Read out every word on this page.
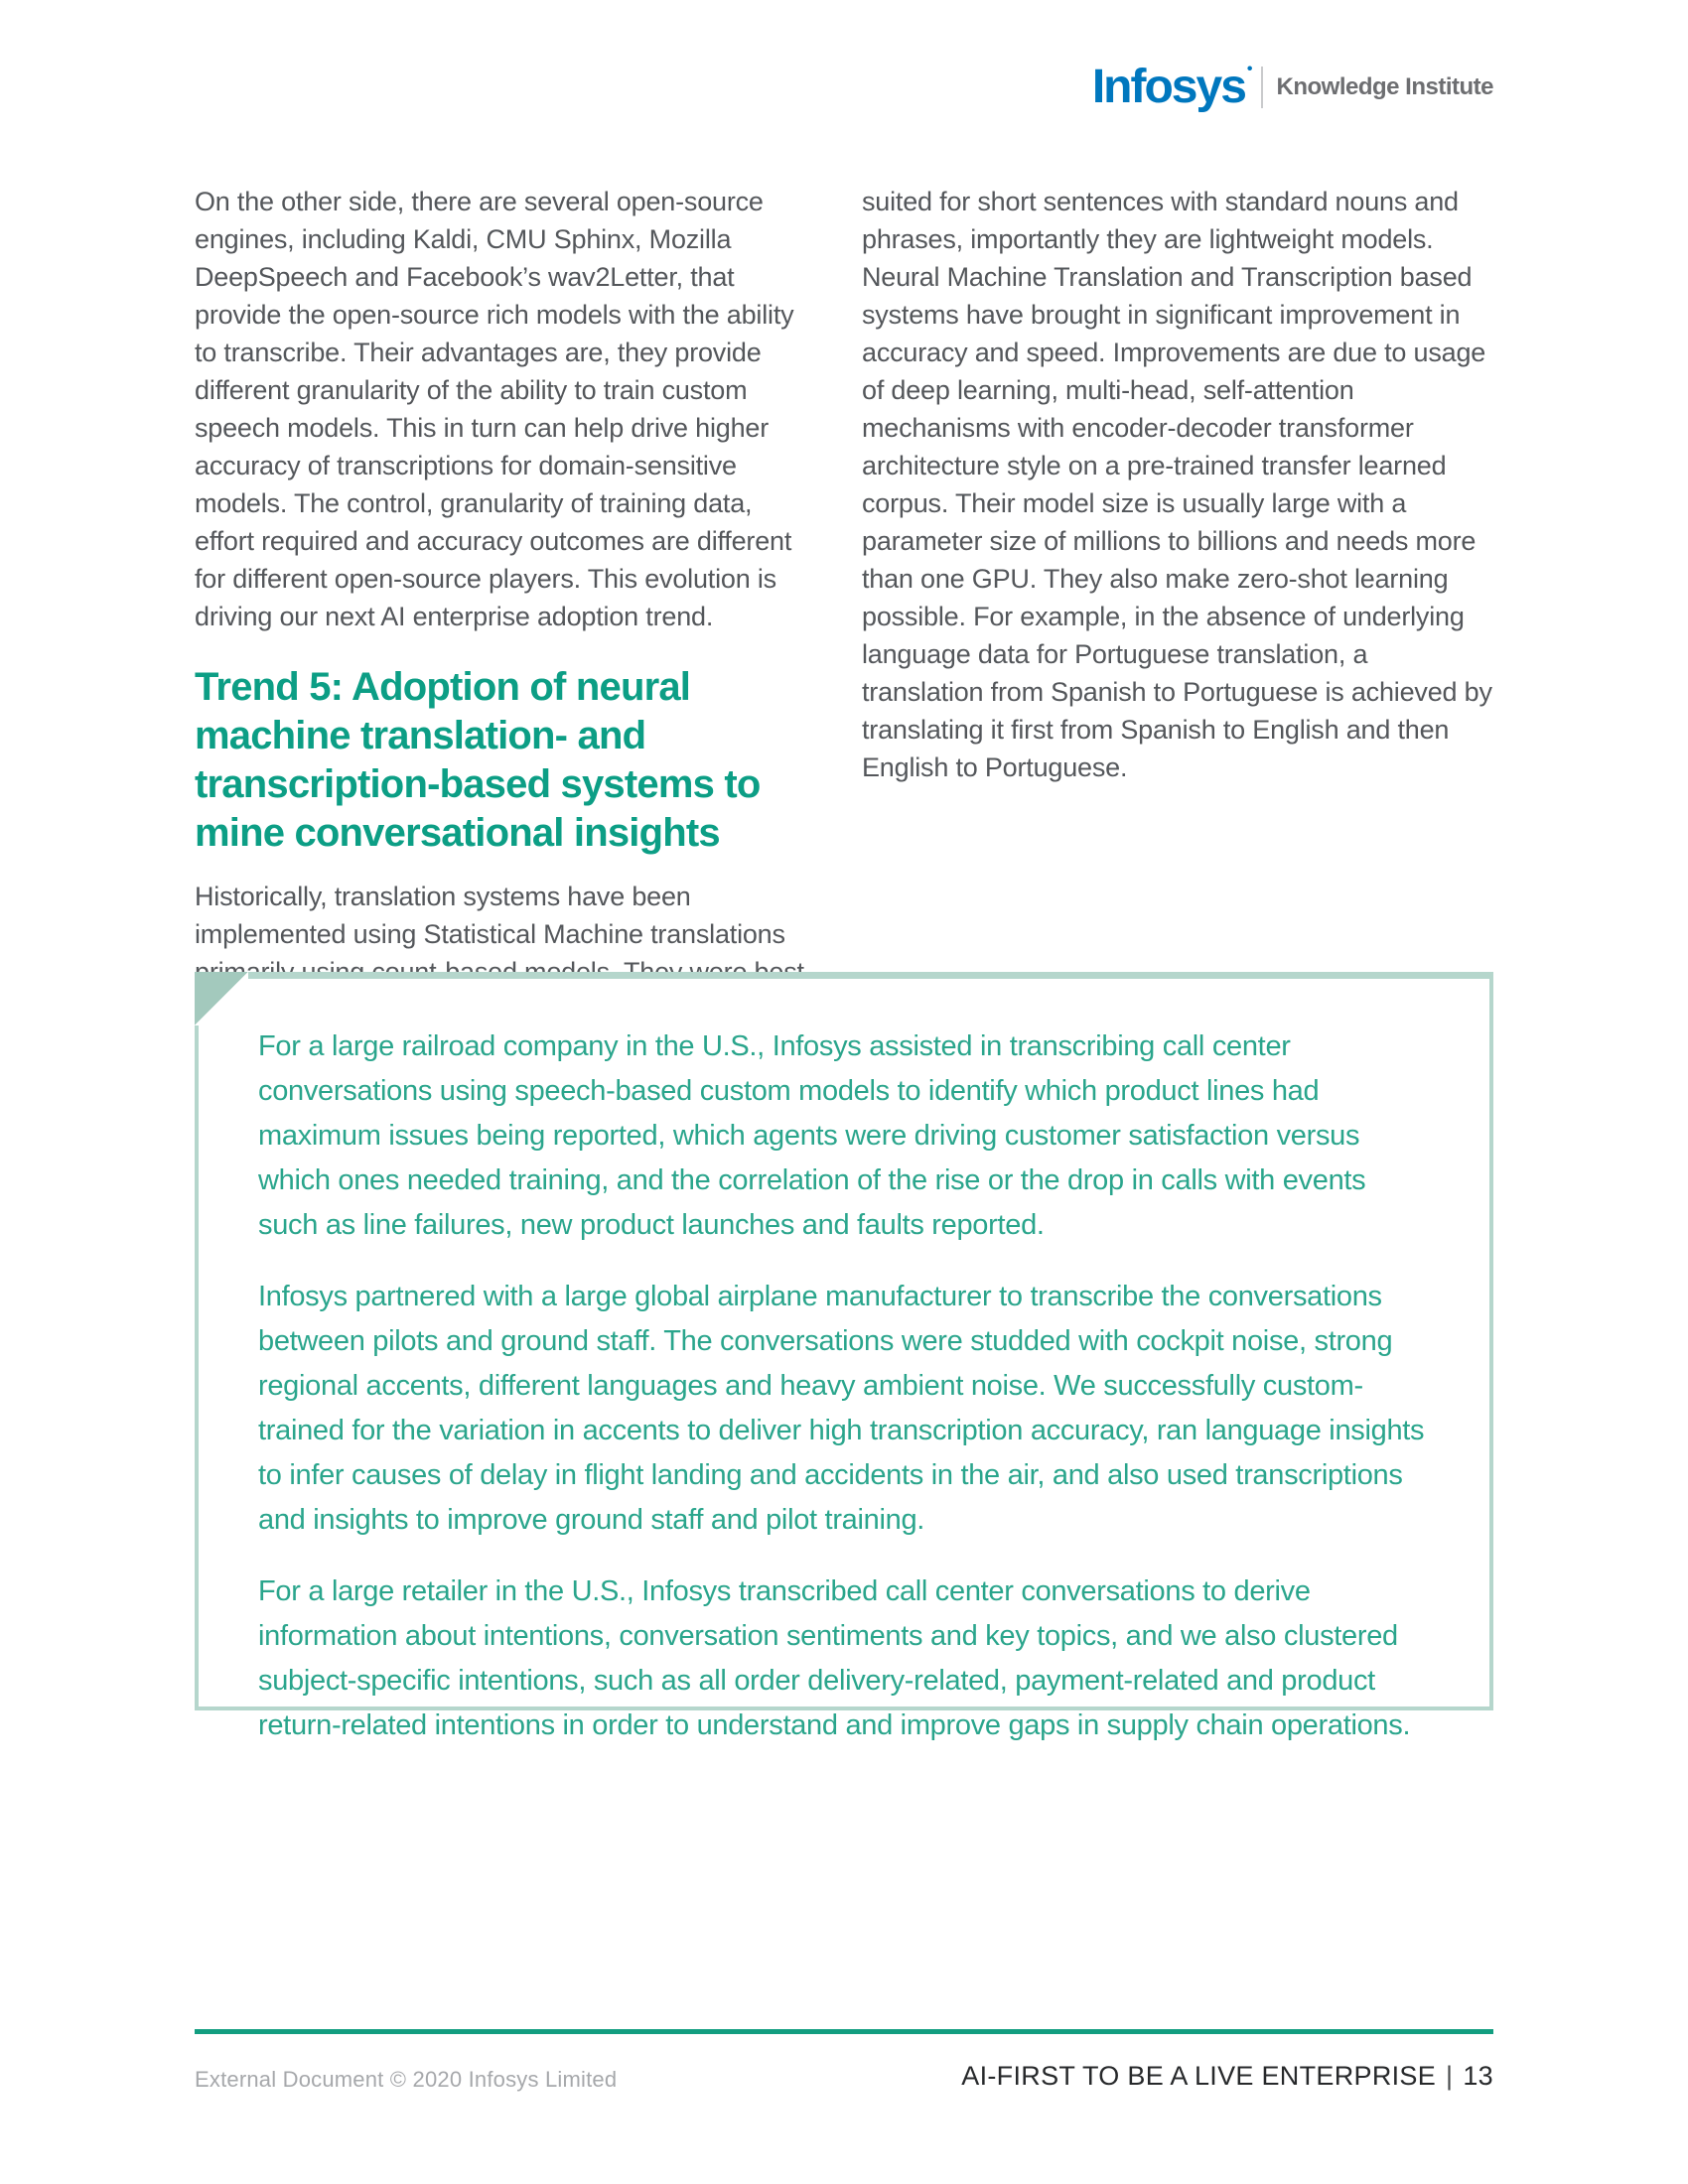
Infosys •
Knowledge Institute

On the other side, there are several open-source engines, including Kaldi, CMU Sphinx, Mozilla DeepSpeech and Facebook’s wav2Letter, that provide the open-source rich models with the ability to transcribe. Their advantages are, they provide different granularity of the ability to train custom speech models. This in turn can help drive higher accuracy of transcriptions for domain-sensitive models. The control, granularity of training data, effort required and accuracy outcomes are different for different open-source players. This evolution is driving our next AI enterprise adoption trend.

Trend 5: Adoption of neural machine translation- and transcription-based systems to mine conversational insights

Historically, translation systems have been implemented using Statistical Machine translations

suited for short sentences with standard nouns and phrases, importantly they are lightweight models. Neural Machine Translation and Transcription based systems have brought in significant improvement in accuracy and speed. Improvements are due to usage of deep learning, multi-head, self-attention mechanisms with encoder-decoder transformer architecture style on a pre-trained transfer learned corpus. Their model size is usually large with a parameter size of millions to billions and needs more than one GPU. They also make zero-shot learning possible. For example, in the absence of underlying language data for Portuguese translation, a translation from Spanish to Portuguese is achieved by translating it first from Spanish to English and then English to Portuguese.

For a large railroad company in the U.S., Infosys assisted in transcribing call center conversations using speech-based custom models to identify which product lines had maximum issues being reported, which agents were driving customer satisfaction versus which ones needed training, and the correlation of the rise or the drop in calls with events such as line failures, new product launches and faults reported.

Infosys partnered with a large global airplane manufacturer to transcribe the conversations between pilots and ground staff. The conversations were studded with cockpit noise, strong regional accents, different languages and heavy ambient noise. We successfully custom-trained for the variation in accents to deliver high transcription accuracy, ran language insights to infer causes of delay in flight landing and accidents in the air, and also used transcriptions and insights to improve ground staff and pilot training.

For a large retailer in the U.S., Infosys transcribed call center conversations to derive information about intentions, conversation sentiments and key topics, and we also clustered subject-specific intentions, such as all order delivery-related, payment-related and product return-related intentions in order to understand and improve gaps in supply chain operations.

External Document © 2020 Infosys Limited	AI-FIRST TO BE A LIVE ENTERPRISE | 13
